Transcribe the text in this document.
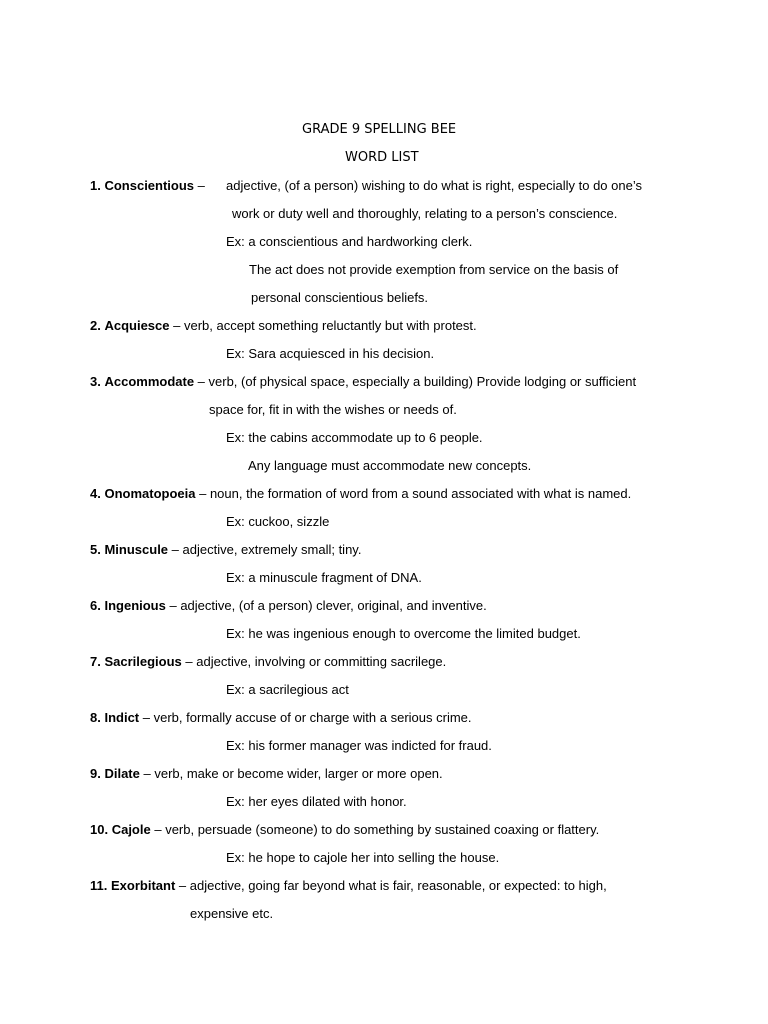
GRADE 9 SPELLING BEE
WORD LIST
1. Conscientious – adjective, (of a person) wishing to do what is right, especially to do one’s
work or duty well and thoroughly, relating to a person’s conscience.
Ex: a conscientious and hardworking clerk.
The act does not provide exemption from service on the basis of
personal conscientious beliefs.
2. Acquiesce – verb, accept something reluctantly but with protest.
Ex: Sara acquiesced in his decision.
3. Accommodate – verb, (of physical space, especially a building) Provide lodging or sufficient
space for, fit in with the wishes or needs of.
Ex: the cabins accommodate up to 6 people.
Any language must accommodate new concepts.
4. Onomatopoeia – noun, the formation of word from a sound associated with what is named.
Ex: cuckoo, sizzle
5. Minuscule – adjective, extremely small; tiny.
Ex: a minuscule fragment of DNA.
6. Ingenious – adjective, (of a person) clever, original, and inventive.
Ex: he was ingenious enough to overcome the limited budget.
7. Sacrilegious – adjective, involving or committing sacrilege.
Ex: a sacrilegious act
8. Indict – verb, formally accuse of or charge with a serious crime.
Ex: his former manager was indicted for fraud.
9. Dilate – verb, make or become wider, larger or more open.
Ex: her eyes dilated with honor.
10. Cajole – verb, persuade (someone) to do something by sustained coaxing or flattery.
Ex: he hope to cajole her into selling the house.
11. Exorbitant – adjective, going far beyond what is fair, reasonable, or expected: to high,
expensive etc.
